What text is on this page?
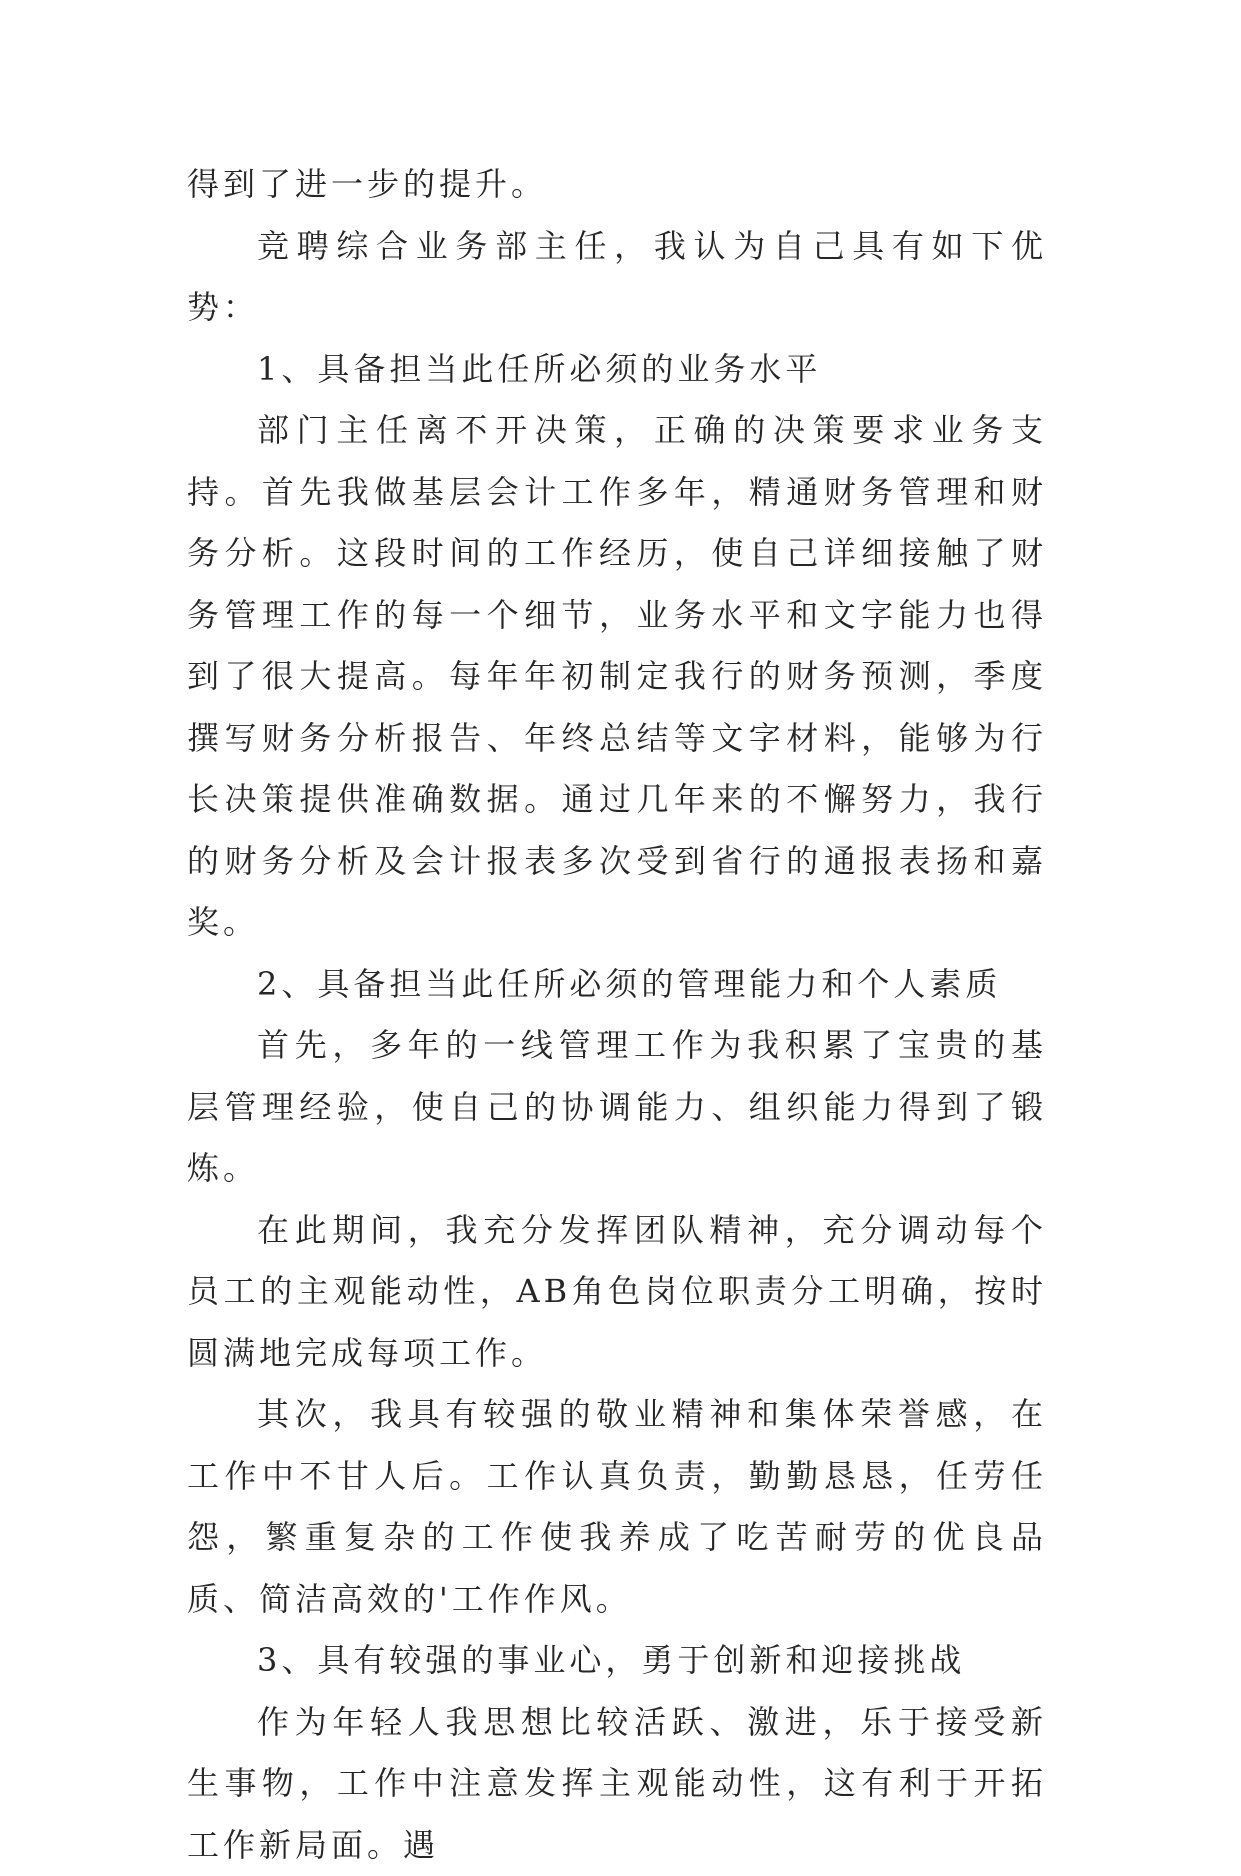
得到了进一步的提升。

竞聘综合业务部主任，我认为自己具有如下优势：

1、具备担当此任所必须的业务水平

部门主任离不开决策，正确的决策要求业务支持。首先我做基层会计工作多年，精通财务管理和财务分析。这段时间的工作经历，使自己详细接触了财务管理工作的每一个细节，业务水平和文字能力也得到了很大提高。每年年初制定我行的财务预测，季度撰写财务分析报告、年终总结等文字材料，能够为行长决策提供准确数据。通过几年来的不懈努力，我行的财务分析及会计报表多次受到省行的通报表扬和嘉奖。

2、具备担当此任所必须的管理能力和个人素质

首先，多年的一线管理工作为我积累了宝贵的基层管理经验，使自己的协调能力、组织能力得到了锻炼。

在此期间，我充分发挥团队精神，充分调动每个员工的主观能动性，AB角色岗位职责分工明确，按时圆满地完成每项工作。

其次，我具有较强的敬业精神和集体荣誉感，在工作中不甘人后。工作认真负责，勤勤恳恳，任劳任怨，繁重复杂的工作使我养成了吃苦耐劳的优良品质、简洁高效的'工作作风。

3、具有较强的事业心，勇于创新和迎接挑战

作为年轻人我思想比较活跃、激进，乐于接受新生事物，工作中注意发挥主观能动性，这有利于开拓工作新局面。遇
